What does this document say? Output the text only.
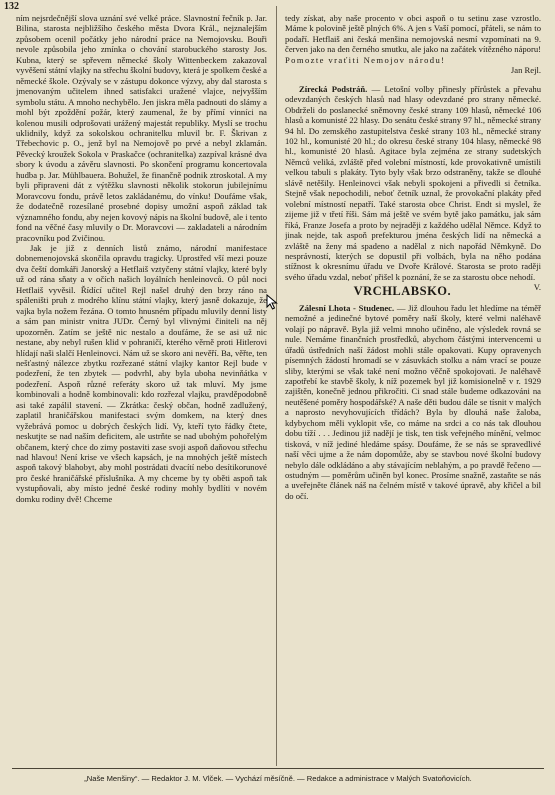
132

ním nejsrdečnější slova uznání své velké práce. Slavnostní řečník p. Jar. Bilina, starosta nejbližšího českého města Dvora Král., nejznalejším způsobem ocenil počátky jeho národní práce na Nemojovsku. Bouři nevole způsobila jeho zmínka o chování starobuckého starosty Jos. Kubna, který se spřevem německé školy Wittenbeckem zakazoval vyvěšení státní vlajky na střechu školní budovy, která je spolkem české a německé škole. Ozývaly se v zástupu dokonce výzvy, aby dal starosta s jmenovaným učitelem ihned satisfakci uražené vlajce, nejvyšším symbolu státu. A mnoho nechybělo. Jen jiskra měla padnouti do slámy a mohl být zpoždění požár, který zaumenal, že by přímí vinníci na kolenou musili odprošovati urážený majestát republiky. Myslí se trochu uklidnily, když za sokolskou ochranitelku mluvil br. F. Škrivan z Třebechovic p. O., jenž byl na Nemojově po prvé a nebyl zklamán. Pěvecký kroužek Sokola v Praskačce (ochranitelka) zazpíval krásné dva sbory k úvodu a závěru slavnosti. Po skončení programu koncertovala hudba p. Jar. Mühlbauera. Bohužel, že finančně podnik ztroskotal. A my byli připraveni dát z výtěžku slavnosti několik stokorun jubilejnímu Moravcovu fondu, právě letos zakládanému, do vínku! Doufáme však, že dodatečně rozesílané prosebné dopisy umožní aspoň základ tak významného fondu, aby nejen kovový nápis na školní budově, ale i tento fond na věčné časy mluvily o Dr. Moravcovi — zakladateli a národním pracovníku pod Zvičinou.

Jak je již z denních listů známo, národní manifestace dobnemenojovská skončila opravdu tragicky. Uprostřed vší mezi pouze dva čeští domkáři Janorský a Hetflaiš vztyčeny státní vlajky, které byly už od rána sňaty a v očích našich loyálních henleinovců. O půl noci Hetflaiš vyvěsil. Řídící učitel Rejl našel druhý den brzy ráno na spáleništi pruh z modrého klínu státní vlajky, který jasně dokazuje, že vajka byla nožem řezána. O tomto hnusném případu mluvily denní listy a sám pan ministr vnitra JUDr. Černý byl vlivnými činiteli na něj upozorněn. Zatím se ještě nic nestalo a doufáme, že se asi už nic nestane, aby nebyl rušen klid v pohraničí, kterého věrně proti Hitlerovi hlídají naši slalčí Henleinovci. Nám už se skoro ani nevěří. Ba, věřte, ten nešťastný nálezce zbytku rozřezané státní vlajky kantor Rejl bude v podezření, že ten zbytek — podvrhl, aby byla uboha nevinňátka v podezření. Aspoň různé referáty skoro už tak mluví. My jsme kombinovali a hodně kombinovali: kdo rozřezal vlajku, pravděpodobně asi také zapálil stavení. — Zkrátka: český občan, hodně zadlužený, zaplatil hraničářskou manifestaci svým domkem, na který dnes vyžebrává pomoc u dobrých českých lidí. Vy, kteří tyto řádky čtete, neskutjte se nad naším deficitem, ale ustrňte se nad ubohým pohořelým občanem, který chce do zimy postaviti zase svoji aspoň daňovou střechu nad hlavou! Není krise ve všech kapsách, je na mnohých ještě místech aspoň takový blahobyt, aby mohl postrádati dvacítí nebo desítikorunové pro české hraničářské příslušníka. A my chceme by ty oběti aspoň tak vystupňovali, aby místo jedné české rodiny mohly bydlíti v novém domku rodiny dvě! Chceme

tedy získat, aby naše procento v obci aspoň o tu setinu zase vzrostlo. Máme k polovině ještě plných 6%. A jen s Vaší pomocí, přáteli, se nám to podaří. Hetflaiš ani česká menšina nemojovská nesmí vzpomínati na 9. červen jako na den černého smutku, ale jako na začátek vítězného náporu! Pomozte vraťiti Nemojov národu!

Jan Rejl.

Zírecká Podstráň. — Letošní volby přinesly přírůstek a převahu odevzdaných českých hlasů nad hlasy odevzdané pro strany německé. Obdrželi do poslanecké sněmovny české strany 109 hlasů, německé 106 hlasů a komunisté 22 hlasy. Do senátu české strany 97 hl., německé strany 94 hl. Do zemského zastupitelstva české strany 103 hl., německé strany 102 hl., komunisté 20 hl.; do okresu české strany 104 hlasy, německé 98 hl., komunisté 20 hlasů. Agitace byla zejména ze strany sudetských Němců veliká, zvláště před volební místností, kde provokativně umístili velkou tabuli s plakáty. Tyto byly však brzo odstraněny, takže se dlouhé slávě netěšily. Henleinovci však nebyli spokojeni a přivedli si četníka. Stejně však nepochodili, neboť četník uznal, že provokační plakáty před volební místností nepatří. Také starosta obce Christ. Endt si myslel, že zijeme již v třetí říši. Sám má ještě ve svém bytě jako památku, jak sám říká, Franze Josefa a proto by nejraději z každého udělal Němce. Když to jinak nejde, tak aspoň prefekturou jména českých lidí na německá a zvláště na ženy má spadeno a nadělal z nich napořád Němkyně. Do nesprávností, kterých se dopustil při volbách, byla na něho podána stížnost k okresnímu úřadu ve Dvoře Králové. Starosta se proto raději svého úřadu vzdal, neboť přišel k poznání, že se za starostu obce nehodí.
V.

VRCHLABSKO.

Zálesní Lhota - Studenec. — Již dlouhou řadu let hledíme na téměř nemožné a jedinečné bytové poměry naší školy, které velmi naléhavě volají po nápravě. Byla již velmi mnoho učiněno, ale výsledek rovná se nule. Nemáme finančních prostředků, abychom částými intervencemi u úřadů ústředních naší žádost mohli stále opakovati. Kupy opravenych písemných žádostí hromadí se v zásuvkách stolku a nám vrací se pouze sliby, kterými se však také není možno věčně spokojovati. Je naléhavě zapotřebí ke stavbě školy, k níž pozemek byl již komisionelně v r. 1929 zajištěn, konečně jednou přikročiti. Ci snad stále budeme odkazováni na neutěšené poměry hospodářské? A naše děti budou dále se tísnit v malých a naprosto nevyhovujících třídách? Byla by dlouhá naše žaloba, kdybychom měli vyklopit vše, co máme na srdci a co nás tak dlouhou dobu tíží . . . Jedinou již nadějí je tisk, ten tisk veřejného mínění, velmoc tisková, v níž jediné hledáme spásy. Doufáme, že se nás se spravedlivé naší věci ujme a že nám dopomůže, aby se stavbou nové školní budovy nebylo dále odkládáno a aby stávajícím neblahým, a po pravdě řečeno — ostudným — poměrům učiněn byl konec. Prosíme snažně, zastaňte se nás a uveřejněte článek náš na čelném místě v takové úpravě, aby křičel a bil do očí.

„Naše Menšiny“. — Redaktor J. M. Vlček. — Vychází měsíčně. — Redakce a administrace v Malých Svatoňovicích.
